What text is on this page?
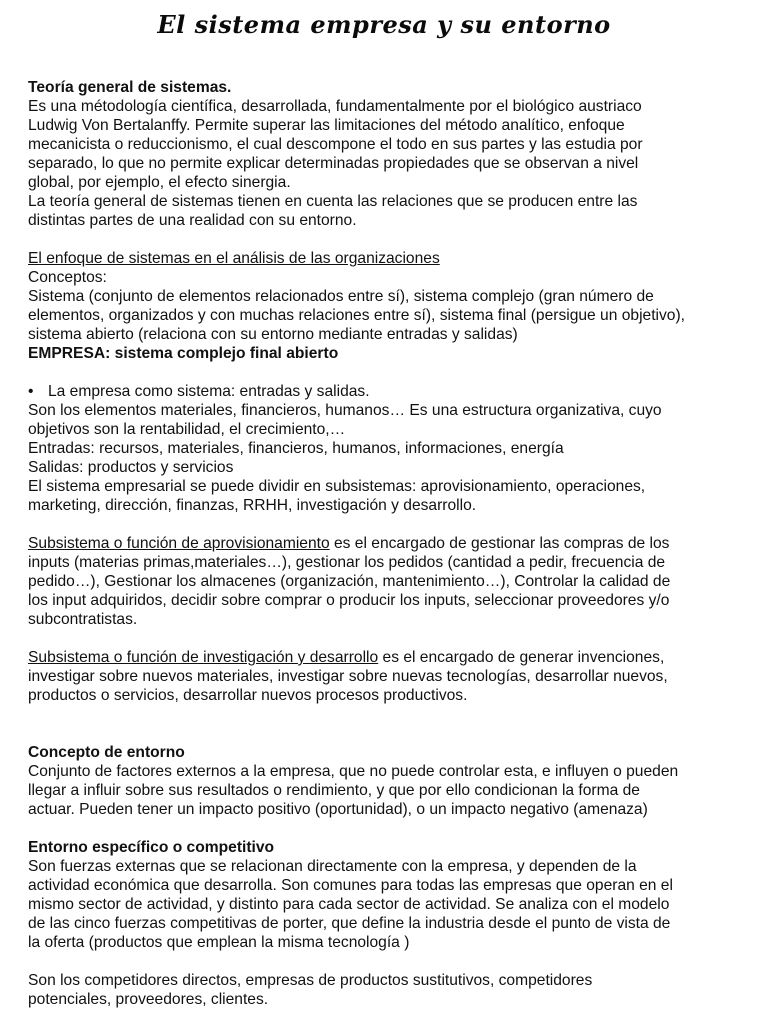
El sistema empresa y su entorno

Teoría general de sistemas.

Es una métodología científica, desarrollada, fundamentalmente por el biológico austriaco

Ludwig Von Bertalanffy. Permite superar las limitaciones del método analítico, enfoque

mecanicista o reduccionismo, el cual descompone el todo en sus partes y las estudia por

separado, lo que no permite explicar determinadas propiedades que se observan a nivel

global, por ejemplo, el efecto sinergia.

La teoría general de sistemas tienen en cuenta las relaciones que se producen entre las

distintas partes de una realidad con su entorno.

El enfoque de sistemas en el análisis de las organizaciones

Conceptos:

Sistema (conjunto de elementos relacionados entre sí), sistema complejo (gran número de

elementos, organizados y con muchas relaciones entre sí), sistema final (persigue un objetivo),

sistema abierto (relaciona con su entorno mediante entradas y salidas)

EMPRESA: sistema complejo final abierto

• La empresa como sistema: entradas y salidas.

Son los elementos materiales, financieros, humanos… Es una estructura organizativa, cuyo

objetivos son la rentabilidad, el crecimiento,…

Entradas: recursos, materiales, financieros, humanos, informaciones, energía

Salidas: productos y servicios

El sistema empresarial se puede dividir en subsistemas: aprovisionamiento, operaciones,

marketing, dirección, finanzas, RRHH, investigación y desarrollo.

Subsistema o función de aprovisionamiento es el encargado de gestionar las compras de los

inputs (materias primas,materiales…), gestionar los pedidos (cantidad a pedir, frecuencia de

pedido…), Gestionar los almacenes (organización, mantenimiento…), Controlar la calidad de

los input adquiridos, decidir sobre comprar o producir los inputs, seleccionar proveedores y/o

subcontratistas.

Subsistema o función de investigación y desarrollo es el encargado de generar invenciones,

investigar sobre nuevos materiales, investigar sobre nuevas tecnologías, desarrollar nuevos,

productos o servicios, desarrollar nuevos procesos productivos.

Concepto de entorno

Conjunto de factores externos a la empresa, que no puede controlar esta, e influyen o pueden

llegar a influir sobre sus resultados o rendimiento, y que por ello condicionan la forma de

actuar. Pueden tener un impacto positivo (oportunidad), o un impacto negativo (amenaza)

Entorno específico o competitivo

Son fuerzas externas que se relacionan directamente con la empresa, y dependen de la

actividad económica que desarrolla. Son comunes para todas las empresas que operan en el

mismo sector de actividad, y distinto para cada sector de actividad. Se analiza con el modelo

de las cinco fuerzas competitivas de porter, que define la industria desde el punto de vista de

la oferta (productos que emplean la misma tecnología )

Son los competidores directos, empresas de productos sustitutivos, competidores

potenciales, proveedores, clientes.
